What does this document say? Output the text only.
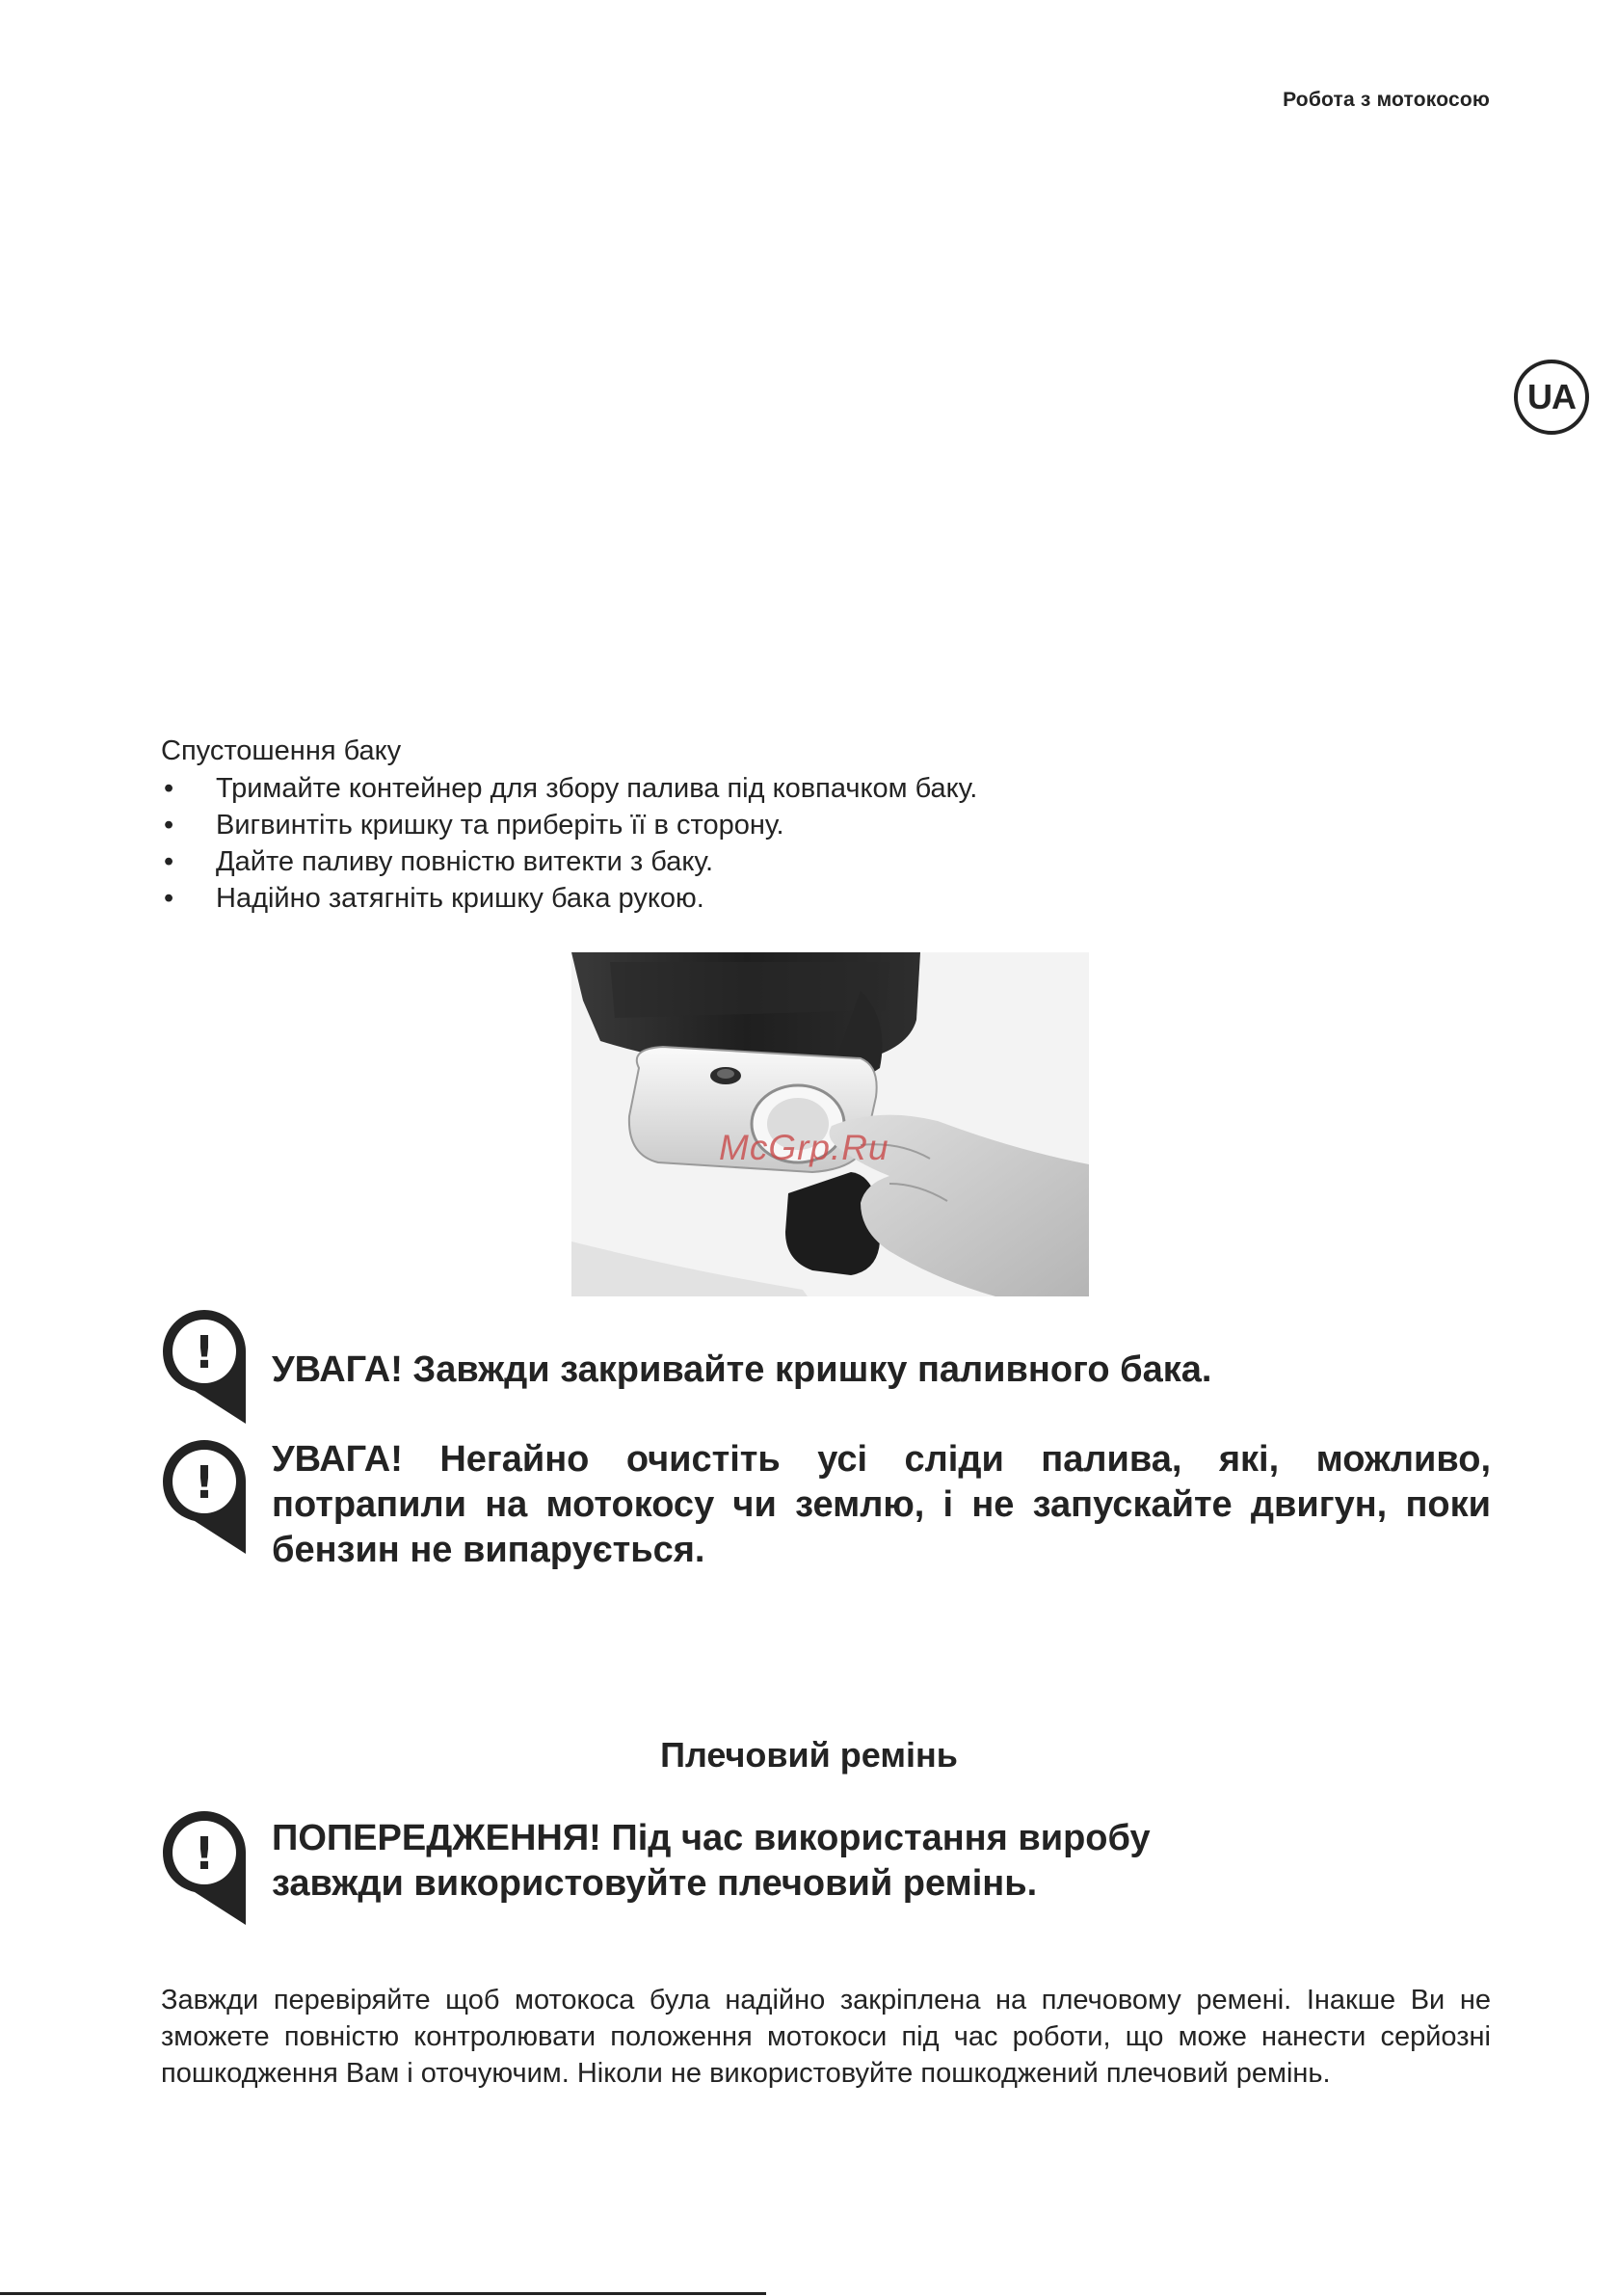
Робота з мотокосою
UA

Спустошення баку

• Тримайте контейнер для збору палива під ковпачком баку.
• Вигвинтіть кришку та приберіть її в сторону.
• Дайте паливу повністю витекти з баку.
• Надійно затягніть кришку бака рукою.
McGrp.Ru
! УВАГА! Завжди закривайте кришку паливного бака.
! УВАГА! Негайно очистіть усі сліди палива, які, можливо, потрапили на мотокосу чи землю, і не запускайте двигун, поки бензин не випарується.
Плечовий ремінь
! ПОПЕРЕДЖЕННЯ! Під час використання виробу
завжди використовуйте плечовий ремінь.
Завжди перевіряйте щоб мотокоса була надійно закріплена на плечовому ремені. Інакше Ви не зможете повністю контролювати положення мотокоси під час роботи, що може нанести серйозні пошкодження Вам і оточуючим. Ніколи не використовуйте пошкоджений плечовий ремінь.
